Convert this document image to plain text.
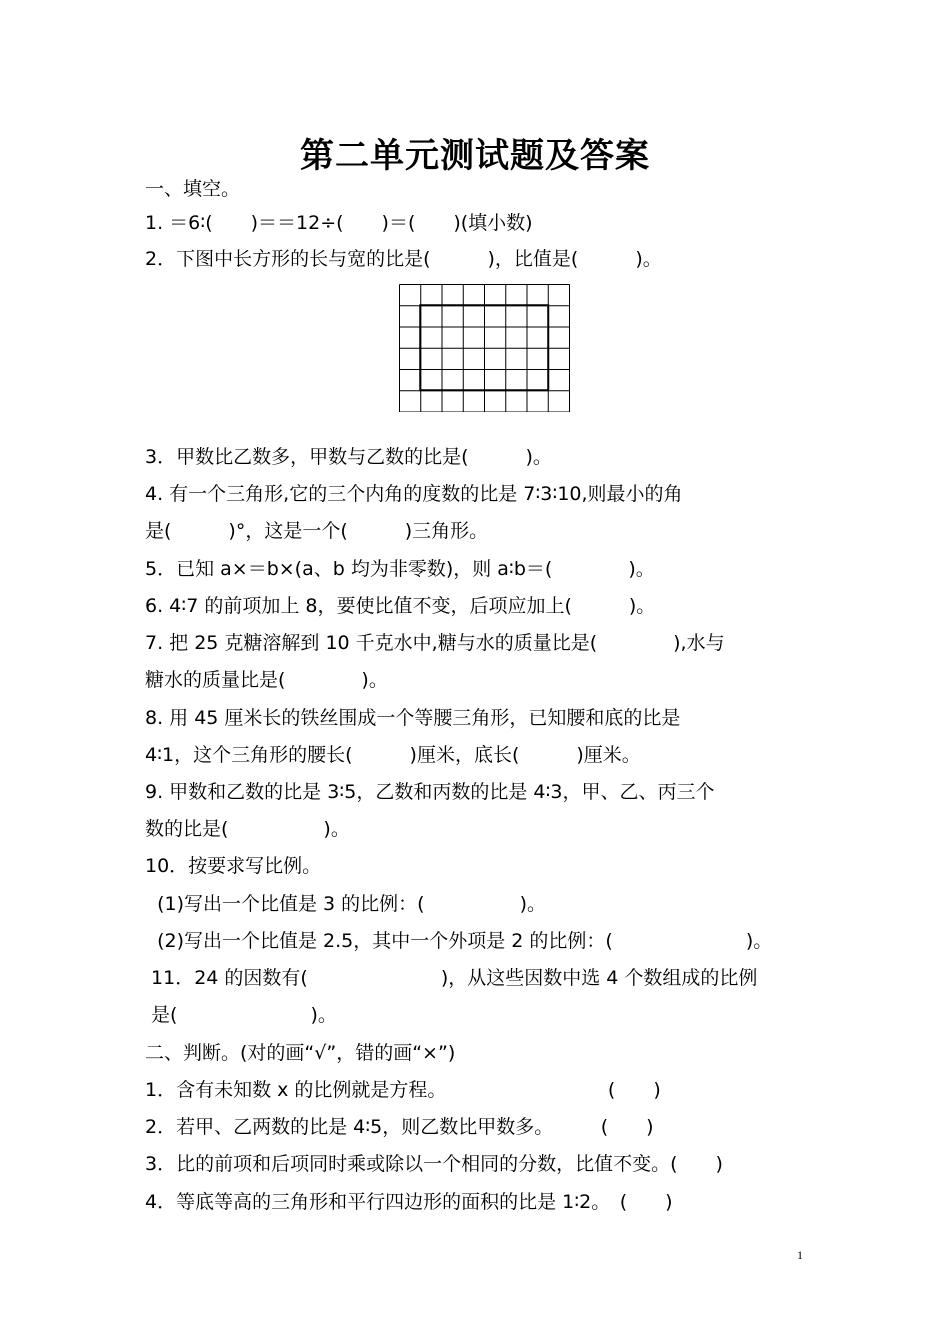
第二单元测试题及答案
一、填空。
1. ＝6∶(　　)＝＝12÷(　　)＝(　　)(填小数)
2．下图中长方形的长与宽的比是(　　　)，比值是(　　　)。
3．甲数比乙数多，甲数与乙数的比是(　　　)。
4. 有一个三角形,它的三个内角的度数的比是 7∶3∶10,则最小的角
是(　　　)°，这是一个(　　　)三角形。
5．已知 a×＝b×(a、b 均为非零数)，则 a∶b＝(　　　　)。
6. 4∶7 的前项加上 8，要使比值不变，后项应加上(　　　)。
7. 把 25 克糖溶解到 10 千克水中,糖与水的质量比是(　　　　),水与
糖水的质量比是(　　　　)。
8. 用 45 厘米长的铁丝围成一个等腰三角形，已知腰和底的比是
4∶1，这个三角形的腰长(　　　)厘米，底长(　　　)厘米。
9. 甲数和乙数的比是 3∶5，乙数和丙数的比是 4∶3，甲、乙、丙三个
数的比是(　　　　　)。
10．按要求写比例。
(1)写出一个比值是 3 的比例：(　　　　　)。
(2)写出一个比值是 2.5，其中一个外项是 2 的比例：(　　　　　　　)。
11．24 的因数有(　　　　　　　)，从这些因数中选 4 个数组成的比例
是(　　　　　　　)。
二、判断。(对的画“√”，错的画“×”)
1．含有未知数 x 的比例就是方程。　　　　　　　　　(　　)
2．若甲、乙两数的比是 4∶5，则乙数比甲数多。　　　(　　)
3．比的前项和后项同时乘或除以一个相同的分数，比值不变。(　　)
4．等底等高的三角形和平行四边形的面积的比是 1∶2。　(　　)
1
